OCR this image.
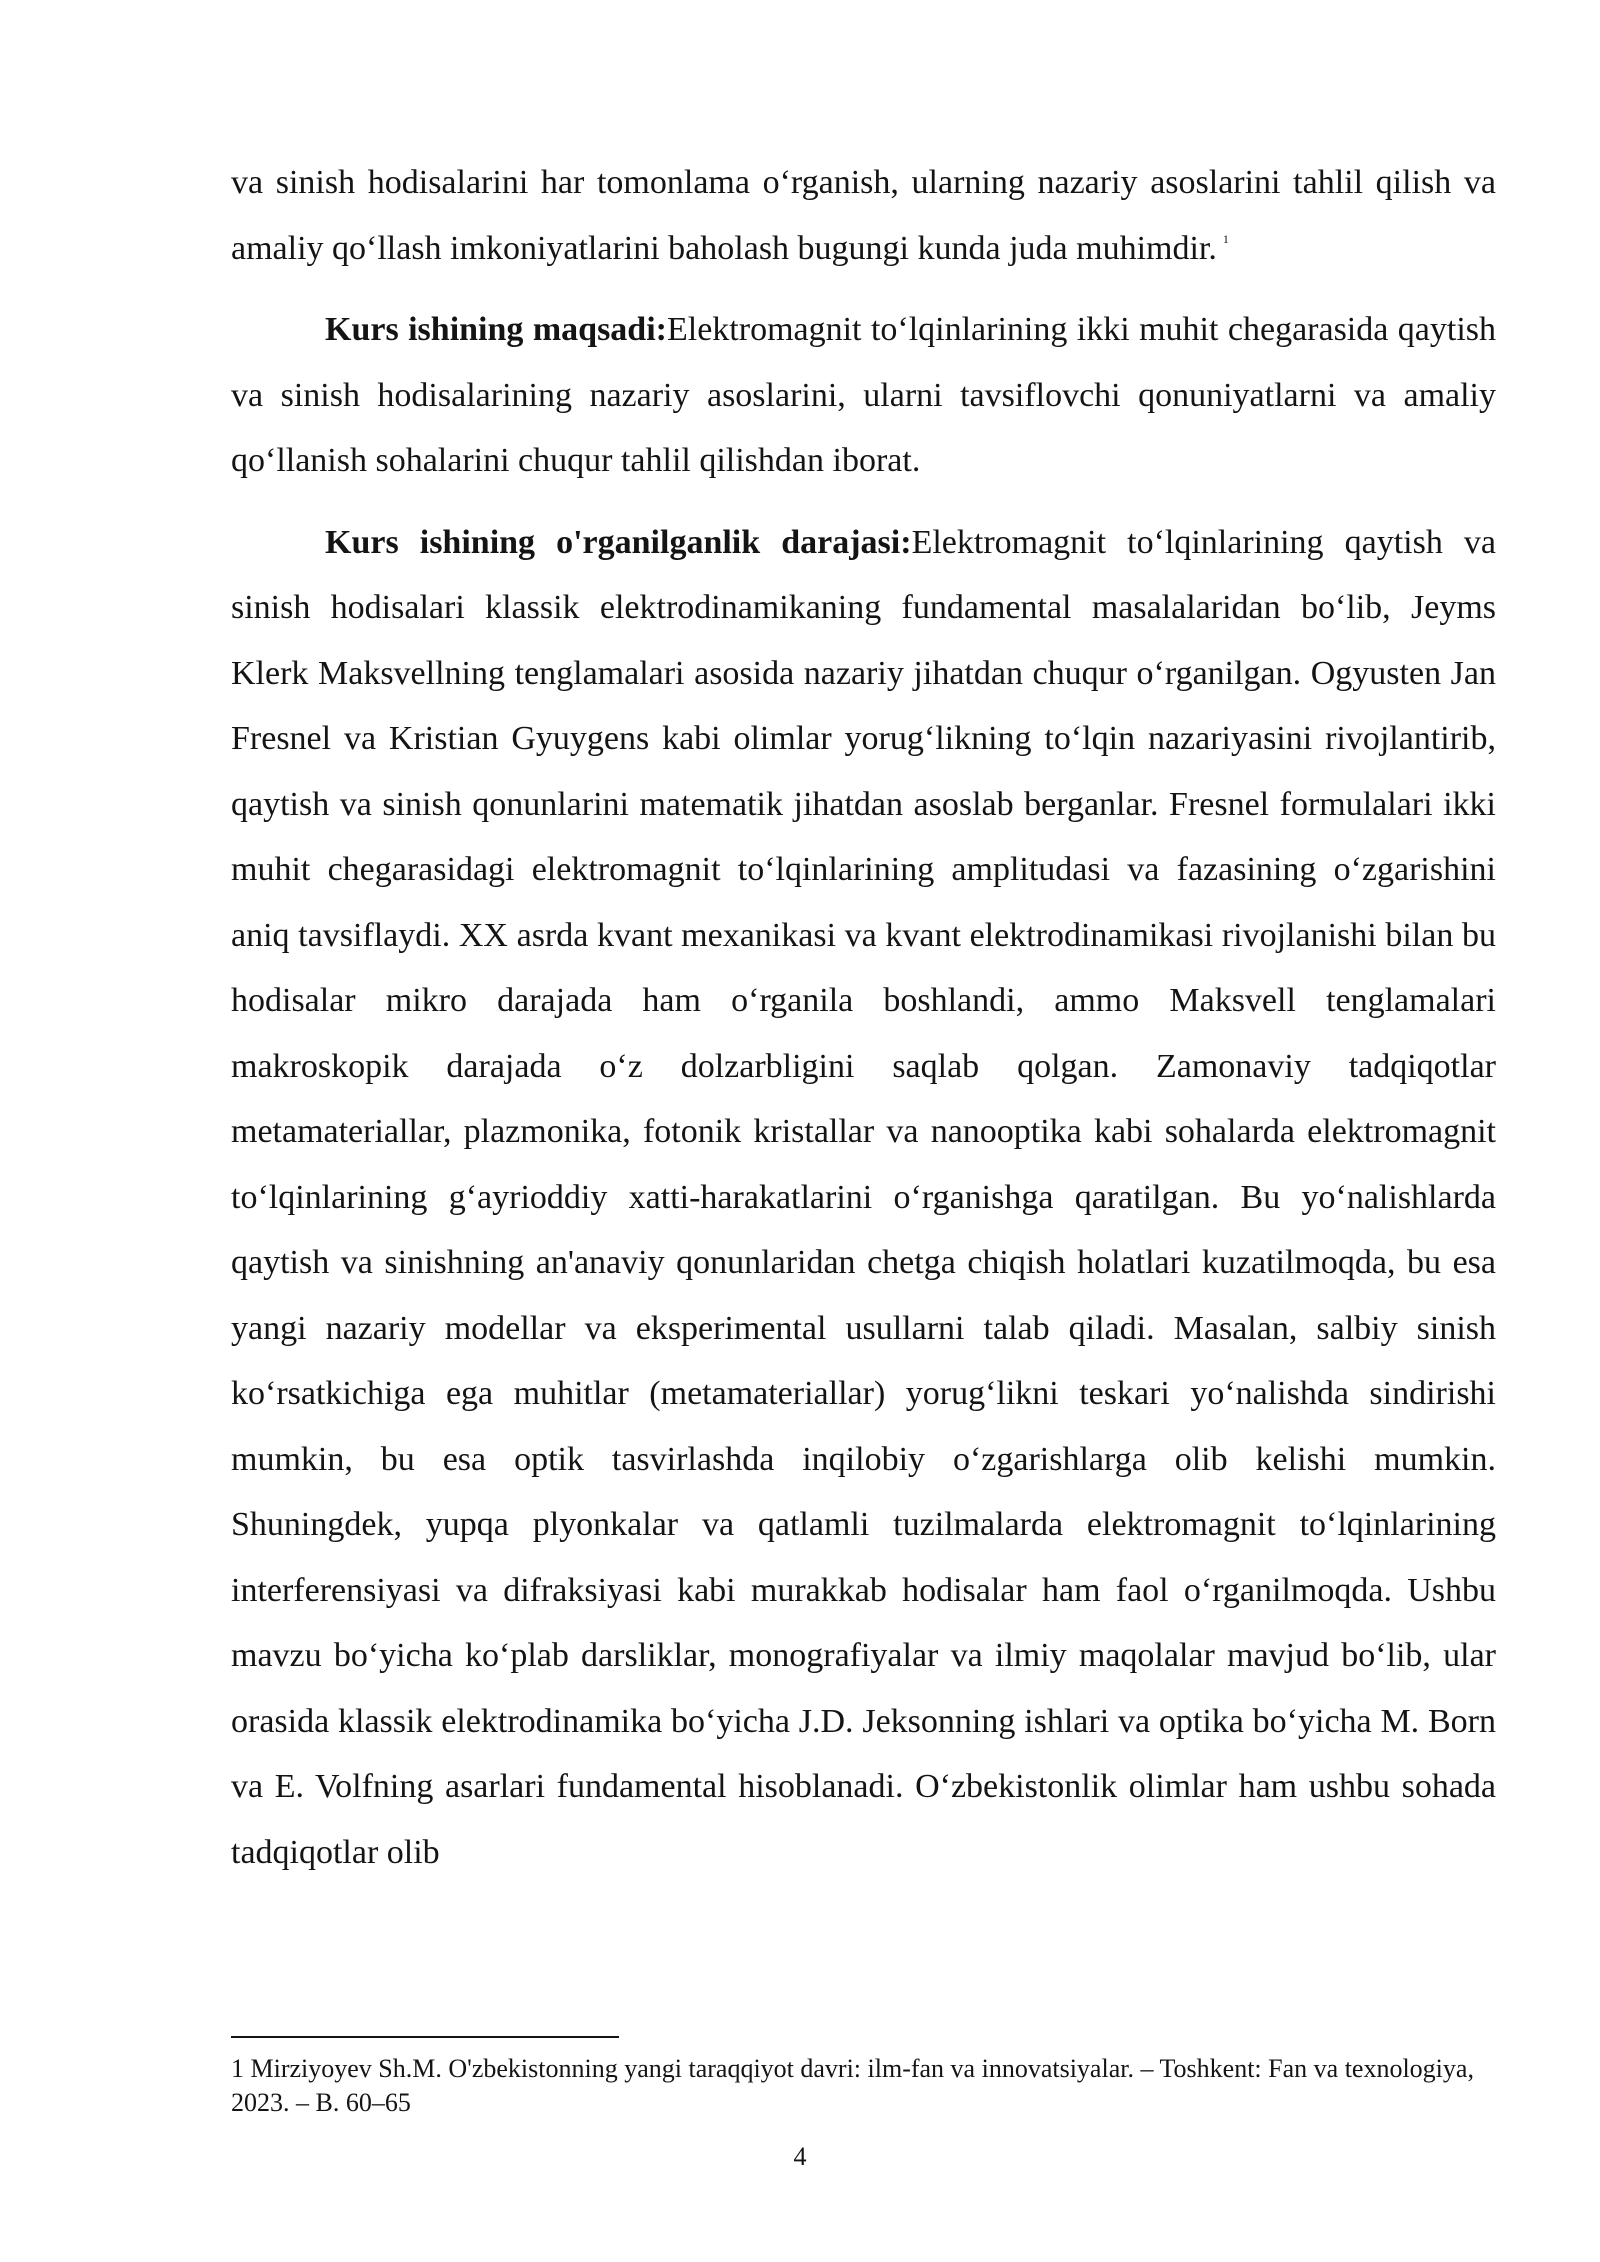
va sinish hodisalarini har tomonlama o‘rganish, ularning nazariy asoslarini tahlil qilish va amaliy qo‘llash imkoniyatlarini baholash bugungi kunda juda muhimdir. $^1$

Kurs ishining maqsadi:Elektromagnit to‘lqinlarining ikki muhit chegarasida qaytish va sinish hodisalarining nazariy asoslarini, ularni tavsiflovchi qonuniyatlarni va amaliy qo‘llanish sohalarini chuqur tahlil qilishdan iborat.

Kurs ishining o'rganilganlik darajasi:Elektromagnit to‘lqinlarining qaytish va sinish hodisalari klassik elektrodinamikaning fundamental masalalaridan bo‘lib, Jeyms Klerk Maksvellning tenglamalari asosida nazariy jihatdan chuqur o‘rganilgan. Ogyusten Jan Fresnel va Kristian Gyuygens kabi olimlar yorug‘likning to‘lqin nazariyasini rivojlantirib, qaytish va sinish qonunlarini matematik jihatdan asoslab berganlar. Fresnel formulalari ikki muhit chegarasidagi elektromagnit to‘lqinlarining amplitudasi va fazasining o‘zgarishini aniq tavsiflaydi. XX asrda kvant mexanikasi va kvant elektrodinamikasi rivojlanishi bilan bu hodisalar mikro darajada ham o‘rganila boshlandi, ammo Maksvell tenglamalari makroskopik darajada o‘z dolzarbligini saqlab qolgan. Zamonaviy tadqiqotlar metamateriallar, plazmonika, fotonik kristallar va nanooptika kabi sohalarda elektromagnit to‘lqinlarining g‘ayrioddiy xatti-harakatlarini o‘rganishga qaratilgan. Bu yo‘nalishlarda qaytish va sinishning an'anaviy qonunlaridan chetga chiqish holatlari kuzatilmoqda, bu esa yangi nazariy modellar va eksperimental usullarni talab qiladi. Masalan, salbiy sinish ko‘rsatkichiga ega muhitlar (metamateriallar) yorug‘likni teskari yo‘nalishda sindirishi mumkin, bu esa optik tasvirlashda inqilobiy o‘zgarishlarga olib kelishi mumkin. Shuningdek, yupqa plyonkalar va qatlamli tuzilmalarda elektromagnit to‘lqinlarining interferensiyasi va difraksiyasi kabi murakkab hodisalar ham faol o‘rganilmoqda. Ushbu mavzu bo‘yicha ko‘plab darsliklar, monografiyalar va ilmiy maqolalar mavjud bo‘lib, ular orasida klassik elektrodinamika bo‘yicha J.D. Jeksonning ishlari va optika bo‘yicha M. Born va E. Volfning asarlari fundamental hisoblanadi. O‘zbekistonlik olimlar ham ushbu sohada tadqiqotlar olib

1 Mirziyoyev Sh.M. O'zbekistonning yangi taraqqiyot davri: ilm-fan va innovatsiyalar. – Toshkent: Fan va texnologiya, 2023. – B. 60–65

4
